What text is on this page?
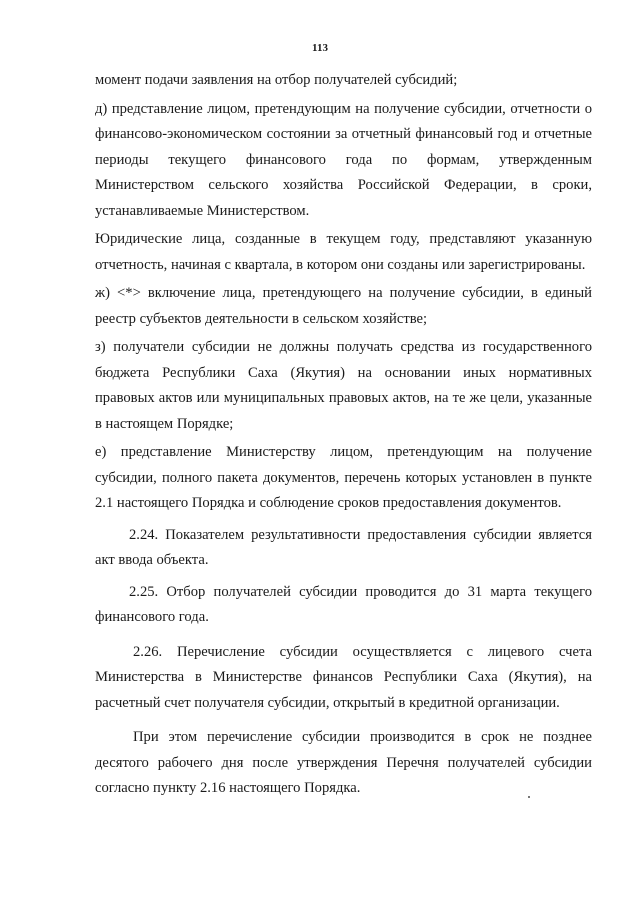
113

момент подачи заявления на отбор получателей субсидий;

д) представление лицом, претендующим на получение субсидии, отчетности о финансово-экономическом состоянии за отчетный финансовый год и отчетные периоды текущего финансового года по формам, утвержденным Министерством сельского хозяйства Российской Федерации, в сроки, устанавливаемые Министерством.

Юридические лица, созданные в текущем году, представляют указанную отчетность, начиная с квартала, в котором они созданы или зарегистрированы.

ж) <*> включение лица, претендующего на получение субсидии, в единый реестр субъектов деятельности в сельском хозяйстве;

з) получатели субсидии не должны получать средства из государственного бюджета Республики Саха (Якутия) на основании иных нормативных правовых актов или муниципальных правовых актов, на те же цели, указанные в настоящем Порядке;

е) представление Министерству лицом, претендующим на получение субсидии, полного пакета документов, перечень которых установлен в пункте 2.1 настоящего Порядка и соблюдение сроков предоставления документов.

2.24. Показателем результативности предоставления субсидии является акт ввода объекта.

2.25. Отбор получателей субсидии проводится до 31 марта текущего финансового года.

2.26. Перечисление субсидии осуществляется с лицевого счета Министерства в Министерстве финансов Республики Саха (Якутия), на расчетный счет получателя субсидии, открытый в кредитной организации.

При этом перечисление субсидии производится в срок не позднее десятого рабочего дня после утверждения Перечня получателей субсидии согласно пункту 2.16 настоящего Порядка.
